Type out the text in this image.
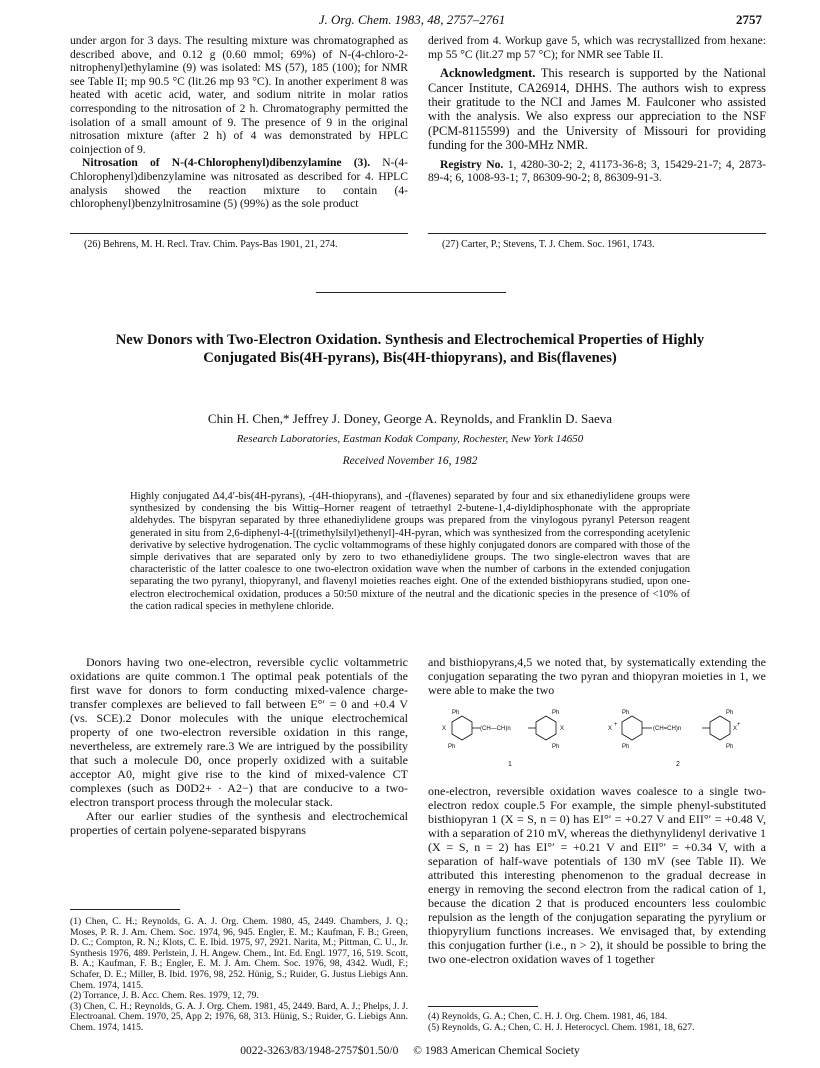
J. Org. Chem. 1983, 48, 2757–2761	2757

under argon for 3 days. The resulting mixture was chromatographed as described above, and 0.12 g (0.60 mmol; 69%) of N-(4-chloro-2-nitrophenyl)ethylamine (9) was isolated: MS (57), 185 (100); for NMR see Table II; mp 90.5 °C (lit.26 mp 93 °C). In another experiment 8 was heated with acetic acid, water, and sodium nitrite in molar ratios corresponding to the nitrosation of 2 h. Chromatography permitted the isolation of a small amount of 9. The presence of 9 in the original nitrosation mixture (after 2 h) of 4 was demonstrated by HPLC coinjection of 9.

Nitrosation of N-(4-Chlorophenyl)dibenzylamine (3). N-(4-Chlorophenyl)dibenzylamine was nitrosated as described for 4. HPLC analysis showed the reaction mixture to contain (4-chlorophenyl)benzylnitrosamine (5) (99%) as the sole product

derived from 4. Workup gave 5, which was recrystallized from hexane: mp 55 °C (lit.27 mp 57 °C); for NMR see Table II.

Acknowledgment. This research is supported by the National Cancer Institute, CA26914, DHHS. The authors wish to express their gratitude to the NCI and James M. Faulconer who assisted with the analysis. We also express our appreciation to the NSF (PCM-8115599) and the University of Missouri for providing funding for the 300-MHz NMR.

Registry No. 1, 4280-30-2; 2, 41173-36-8; 3, 15429-21-7; 4, 2873-89-4; 6, 1008-93-1; 7, 86309-90-2; 8, 86309-91-3.

(26) Behrens, M. H. Recl. Trav. Chim. Pays-Bas 1901, 21, 274.	(27) Carter, P.; Stevens, T. J. Chem. Soc. 1961, 1743.
New Donors with Two-Electron Oxidation. Synthesis and Electrochemical Properties of Highly Conjugated Bis(4H-pyrans), Bis(4H-thiopyrans), and Bis(flavenes)
Chin H. Chen,* Jeffrey J. Doney, George A. Reynolds, and Franklin D. Saeva
Research Laboratories, Eastman Kodak Company, Rochester, New York 14650
Received November 16, 1982
Highly conjugated Δ4,4′-bis(4H-pyrans), -(4H-thiopyrans), and -(flavenes) separated by four and six ethanediylidene groups were synthesized by condensing the bis Wittig–Horner reagent of tetraethyl 2-butene-1,4-diyldiphosphonate with the appropriate aldehydes. The bispyran separated by three ethanediylidene groups was prepared from the vinylogous pyranyl Peterson reagent generated in situ from 2,6-diphenyl-4-[(trimethylsilyl)ethenyl]-4H-pyran, which was synthesized from the corresponding acetylenic derivative by selective hydrogenation. The cyclic voltammograms of these highly conjugated donors are compared with those of the simple derivatives that are separated only by zero to two ethanediylidene groups. The two single-electron waves that are characteristic of the latter coalesce to one two-electron oxidation wave when the number of carbons in the extended conjugation separating the two pyranyl, thiopyranyl, and flavenyl moieties reaches eight. One of the extended bisthiopyrans studied, upon one-electron electrochemical oxidation, produces a 50:50 mixture of the neutral and the dicationic species in the presence of <10% of the cation radical species in methylene chloride.

Donors having two one-electron, reversible cyclic voltammetric oxidations are quite common.1 The optimal peak potentials of the first wave for donors to form conducting mixed-valence charge-transfer complexes are believed to fall between E°′ = 0 and +0.4 V (vs. SCE).2 Donor molecules with the unique electrochemical property of one two-electron reversible oxidation in this range, nevertheless, are extremely rare.3 We are intrigued by the possibility that such a molecule D0, once properly oxidized with a suitable acceptor A0, might give rise to the kind of mixed-valence CT complexes (such as D0D2+ · A2−) that are conducive to a two-electron transport process through the molecular stack.

After our earlier studies of the synthesis and electrochemical properties of certain polyene-separated bispyrans

and bisthiopyrans,4,5 we noted that, by systematically extending the conjugation separating the two pyran and thiopyran moieties in 1, we were able to make the two
(CH—CH)n
Ph
Ph
Ph
Ph
X	X
1
(CH=CH)n
Ph
Ph
Ph
Ph
X
+
X
+
2
one-electron, reversible oxidation waves coalesce to a single two-electron redox couple.5 For example, the simple phenyl-substituted bisthiopyran 1 (X = S, n = 0) has EI°′ = +0.27 V and EII°′ = +0.48 V, with a separation of 210 mV, whereas the diethynylidenyl derivative 1 (X = S, n = 2) has EI°′ = +0.21 V and EII°′ = +0.34 V, with a separation of half-wave potentials of 130 mV (see Table II). We attributed this interesting phenomenon to the gradual decrease in energy in removing the second electron from the radical cation of 1, because the dication 2 that is produced encounters less coulombic repulsion as the length of the conjugation separating the pyrylium or thiopyrylium functions increases. We envisaged that, by extending this conjugation further (i.e., n > 2), it should be possible to bring the two one-electron oxidation waves of 1 together

(1) Chen, C. H.; Reynolds, G. A. J. Org. Chem. 1980, 45, 2449. Chambers, J. Q.; Moses, P. R. J. Am. Chem. Soc. 1974, 96, 945. Engler, E. M.; Kaufman, F. B.; Green, D. C.; Compton, R. N.; Klots, C. E. Ibid. 1975, 97, 2921. Narita, M.; Pittman, C. U., Jr. Synthesis 1976, 489. Perlstein, J. H. Angew. Chem., Int. Ed. Engl. 1977, 16, 519. Scott, B. A.; Kaufman, F. B.; Engler, E. M. J. Am. Chem. Soc. 1976, 98, 4342. Wudl, F.; Schafer, D. E.; Miller, B. Ibid. 1976, 98, 252. Hünig, S.; Ruider, G. Justus Liebigs Ann. Chem. 1974, 1415.

(2) Torrance, J. B. Acc. Chem. Res. 1979, 12, 79.

(3) Chen, C. H.; Reynolds, G. A. J. Org. Chem. 1981, 45, 2449. Bard, A. J.; Phelps, J. J. Electroanal. Chem. 1970, 25, App 2; 1976, 68, 313. Hünig, S.; Ruider, G. Liebigs Ann. Chem. 1974, 1415.

(4) Reynolds, G. A.; Chen, C. H. J. Org. Chem. 1981, 46, 184.

(5) Reynolds, G. A.; Chen, C. H. J. Heterocycl. Chem. 1981, 18, 627.

0022-3263/83/1948-2757$01.50/0 © 1983 American Chemical Society
